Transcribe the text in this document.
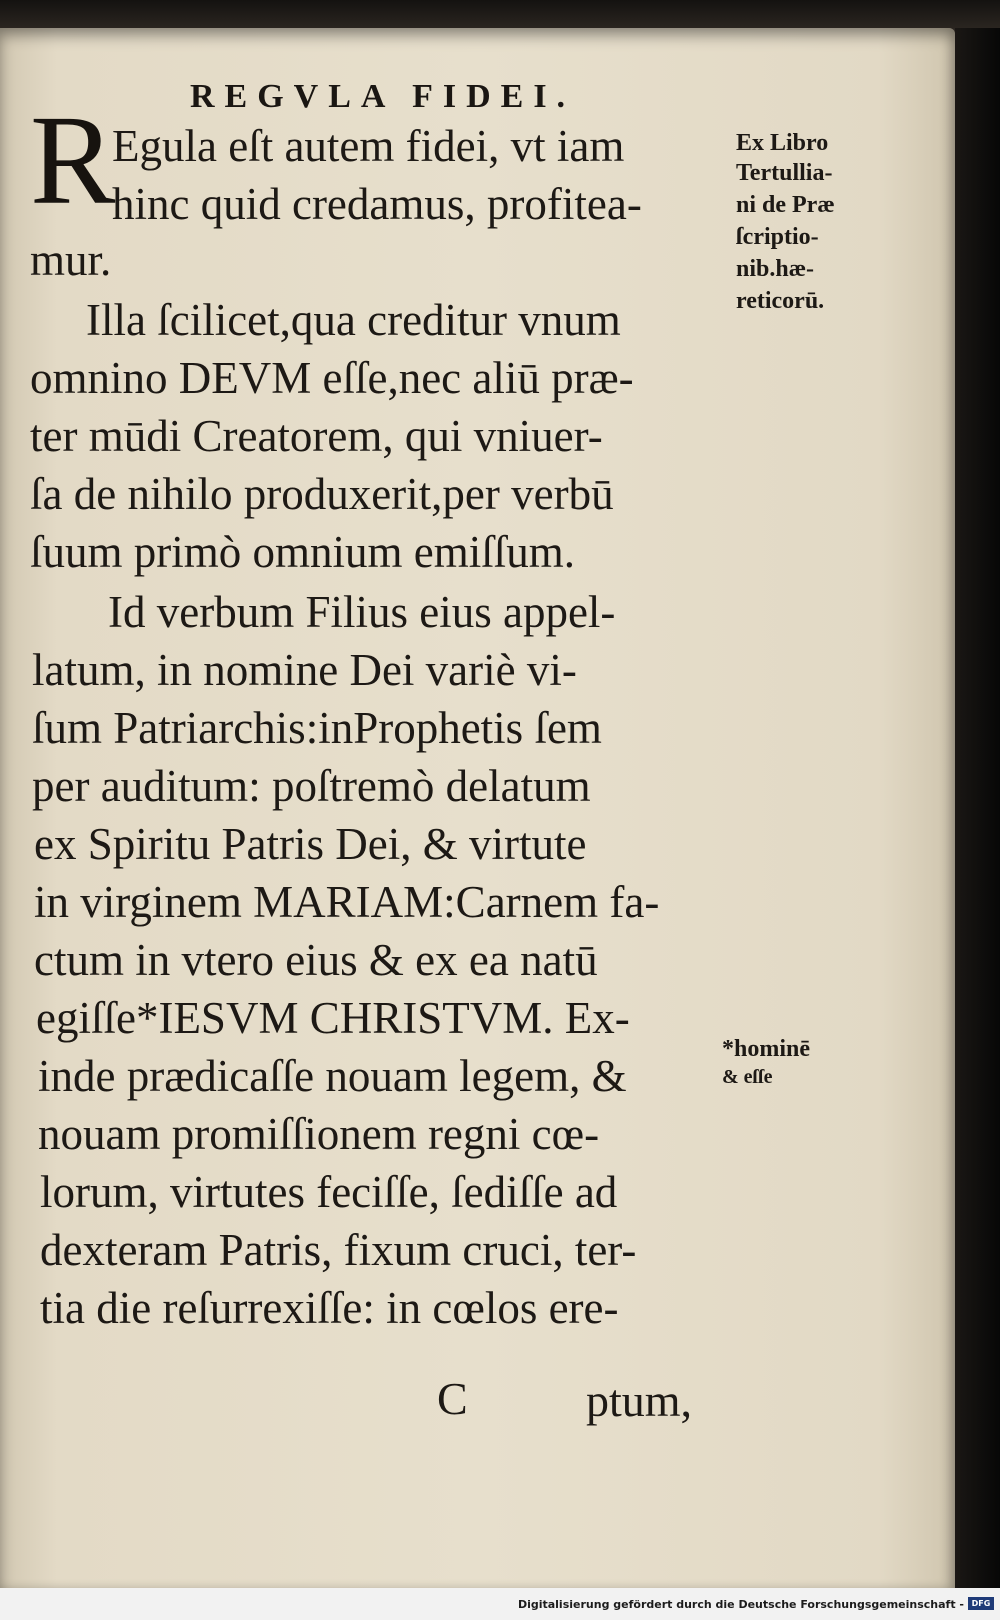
REGVLA FIDEI.
R
Egula eſt autem fidei, vt iam
hinc quid credamus, profitea-
mur.
Illa ſcilicet,qua creditur vnum
omnino DEVM eſſe,nec aliū præ-
ter mūdi Creatorem, qui vniuer-
ſa de nihilo produxerit,per verbū
ſuum primò omnium emiſſum.
Id verbum Filius eius appel-
latum, in nomine Dei variè vi-
ſum Patriarchis:inProphetis ſem
per auditum: poſtremò delatum
ex Spiritu Patris Dei, & virtute
in virginem MARIAM:Carnem fa-
ctum in vtero eius & ex ea natū
egiſſe*IESVM CHRISTVM. Ex-
inde prædicaſſe nouam legem, &
nouam promiſſionem regni cœ-
lorum, virtutes feciſſe, ſediſſe ad
dexteram Patris, fixum cruci, ter-
tia die reſurrexiſſe: in cœlos ere-
Ex Libro
Tertullia-
ni de Præ
ſcriptio-
nib.hæ-
reticorū.
*hominē
& eſſe
C	ptum,
Digitalisierung gefördert durch die Deutsche Forschungsgemeinschaft - DFG
